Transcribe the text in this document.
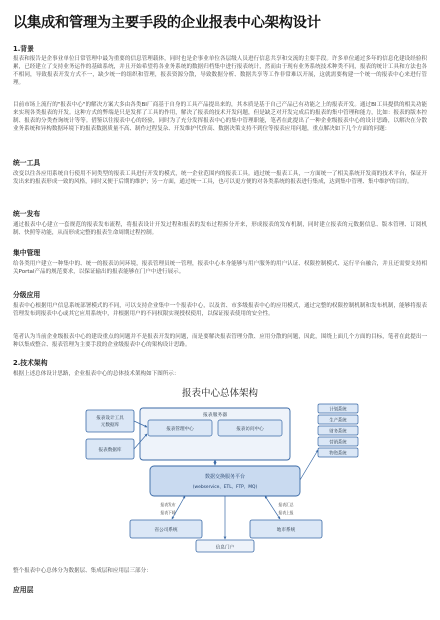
以集成和管理为主要手段的企业报表中心架构设计
1.背景

报表和报告是企事业单位日常管理中最为重要的信息管理载体，同时也是企事业单位各层级人员进行信息共享和交流的主要手段。许多单位通过多年的信息化建设经验积累，已经建立了支持业务运作的基础系统，并且开始希望将各业务系统的数据归档集中进行报表统计，然而由于现有业务系统技术种类不同，报表的统计工具和方法也各不相同，导致报表开发方式不一，缺少统一的组织和管理，报表资源分散，导致数据分析、数据共享等工作非常难以开展，这就需要构建一个统一的报表中心来进行管理。

目前市场上流行的"报表中心"的解决方案大多由各类BI厂商基于自身的工具产品提出来的，其本质是基于自己产品已有功能之上的报表开发。通过BI工具提供的相关功能来实现各类报表的开发。这种方式的弊端是只是发挥了工具的作用，解决了报表的技术开发问题，但是缺乏对开发完成后的报表的集中管理和能力，比如：报表的版本控制、报表的分类查询统计等等。借鉴以往报表中心的经验，同时为了充分发挥报表中心的集中管理职能，笔者在此提出了一种企业级报表中心的设计思路，以解决在分散业务系统和异构数据环境下的报表数据质量不高、制作过程复杂、开发维护代价高、数据决策支持不到位等报表应用问题，重点解决如下几个方面的问题：

统一工具

改变以往各应用系统自行使用不同类型的报表工具进行开发的模式，统一企业范围内的报表工具。通过统一报表工具，一方面统一了相关系统开发商的技术平台，保证开发出来的报表形成一致的风格，同时又便于后期的维护；另一方面，通过统一工具，也可以更方便的对各类系统的报表进行集成，达到集中管理、集中维护的目的。

统一发布

通过报表中心建立一套规范的报表发布流程，将报表设计开发过程和报表的发布过程拆分开来，形成报表的发布机制，同时建立报表的元数据信息、版本管理、订阅机制、快照等功能，从而形成完整的报表生命周期过程控制。

集中管理

给各类用户建立一种集中的、统一的报表访问环境，报表管理员统一管理，报表中心本身能够与用户服务的用户认证、权限控制模式、运行平台融合，并且还需要支持相关Portal产品的规范要求，以保证输出的报表能够在门户中进行展示。

分级应用

报表中心根据用户信息系统部署模式的不同，可以支持企业集中一个报表中心，以及省、市多级报表中心的应用模式，通过完整的权限控制机制和发布机制，能够将报表管理发布到报表中心或其它应用系统中，并根据用户的不同权限实现授权使用，以保证报表使用的安全性。

笔者认为当前企业级报表中心的建设重点的问题并不是报表开发的问题，而是要解决报表管理分散、应用分散的问题，因此，围绕上面几个方面的目标，笔者在此提出一种以集成整合、报表管理为主要手段的企业级报表中心的架构设计思路。

2.技术架构

根据上述总体设计思路，企业报表中心的总体技术架构如下图所示：

报表中心总体架构
报表设计工具
元数据库
报表数据库
报表服务器
报表管理中心	报表访问中心
计划系统
生产系统
财务系统
营销系统
物资系统
数据交换服务平台
(webservice、ETL、FTP、MQ)
省公司系统	地市系统
信息门户
报表发布
报表下载
报表汇总
报表上报

整个报表中心总体分为数据层、集成层和应用层三部分：

应用层
